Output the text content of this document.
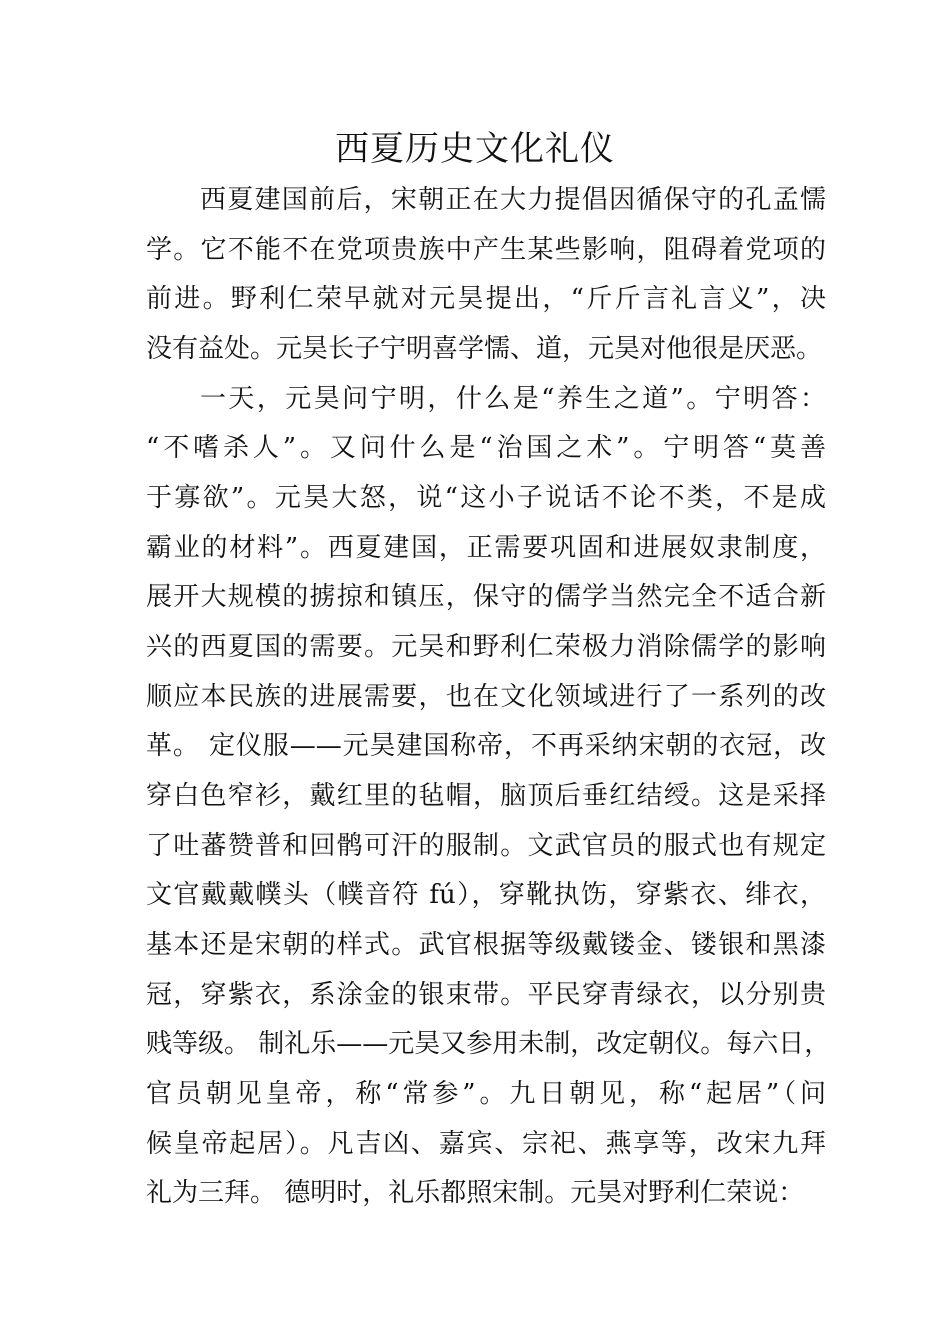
西夏历史文化礼仪
西夏建国前后，宋朝正在大力提倡因循保守的孔孟懦
学。它不能不在党项贵族中产生某些影响，阻碍着党项的
前进。野利仁荣早就对元昊提出，“斤斤言礼言义”，决
没有益处。元昊长子宁明喜学懦、道，元昊对他很是厌恶。
一天，元昊问宁明，什么是“养生之道”。宁明答：
“不嗜杀人”。又问什么是“治国之术”。宁明答“莫善
于寡欲”。元昊大怒，说“这小子说话不论不类，不是成
霸业的材料”。西夏建国，正需要巩固和进展奴隶制度，
展开大规模的掳掠和镇压，保守的儒学当然完全不适合新
兴的西夏国的需要。元吴和野利仁荣极力消除儒学的影响
顺应本民族的进展需要，也在文化领域进行了一系列的改
革。 定仪服——元昊建国称帝，不再采纳宋朝的衣冠，改
穿白色窄衫，戴红里的毡帽，脑顶后垂红结绶。这是采择
了吐蕃赞普和回鹘可汗的服制。文武官员的服式也有规定
文官戴戴幞头（幞音符 fú），穿靴执饬，穿紫衣、绯衣，
基本还是宋朝的样式。武官根据等级戴镂金、镂银和黑漆
冠，穿紫衣，系涂金的银束带。平民穿青绿衣，以分别贵
贱等级。 制礼乐——元昊又参用未制，改定朝仪。每六日，
官员朝见皇帝，称“常参”。九日朝见，称“起居”（问
候皇帝起居）。凡吉凶、嘉宾、宗祀、燕享等，改宋九拜
礼为三拜。 德明时，礼乐都照宋制。元昊对野利仁荣说：
